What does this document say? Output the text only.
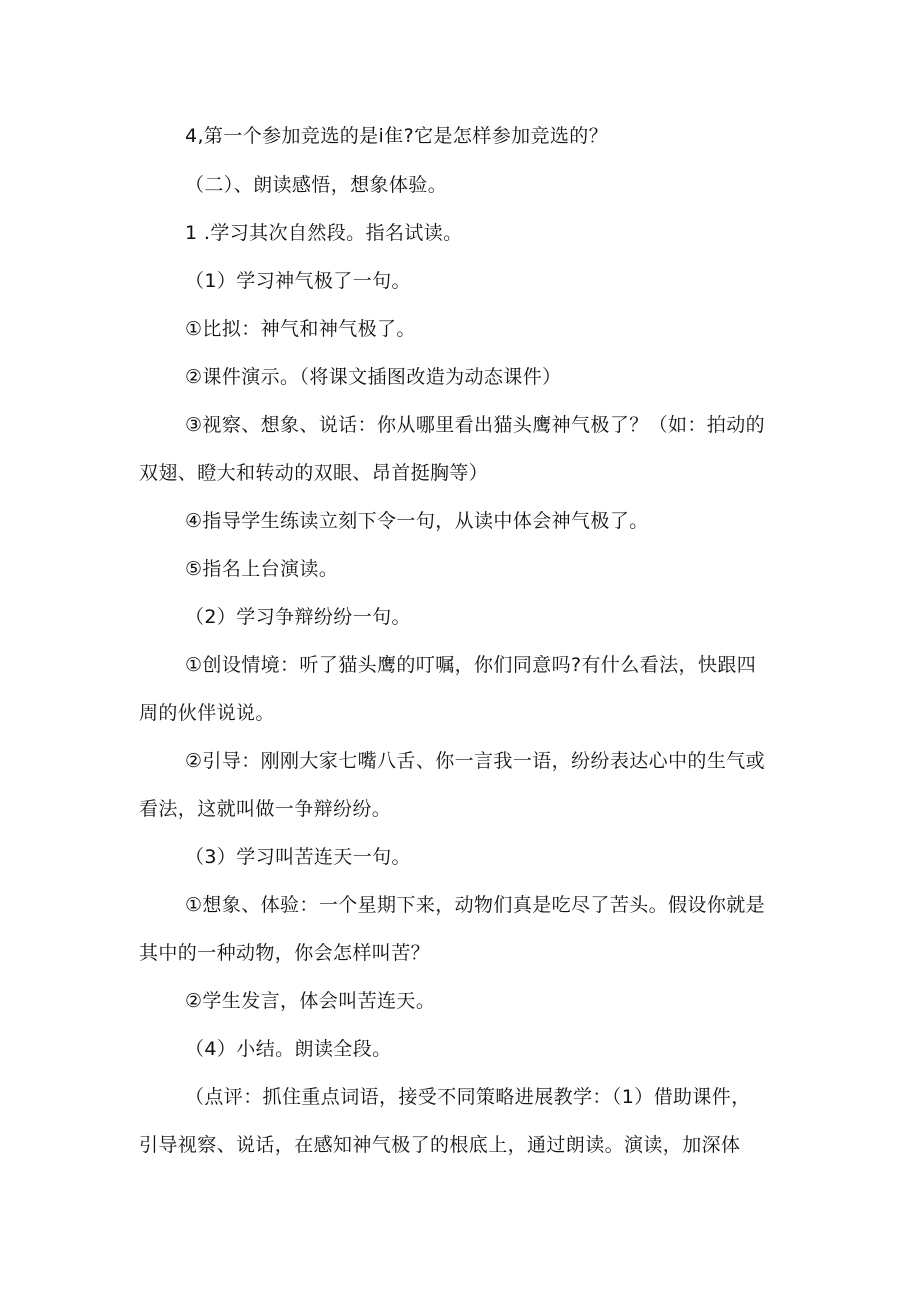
4,第一个参加竞选的是i隹?它是怎样参加竞选的？
（二）、朗读感悟，想象体验。
1 .学习其次自然段。指名试读。
（1）学习神气极了一句。
①比拟：神气和神气极了。
②课件演示。（将课文插图改造为动态课件）
③视察、想象、说话：你从哪里看出猫头鹰神气极了？（如：拍动的
双翅、瞪大和转动的双眼、昂首挺胸等）
④指导学生练读立刻下令一句，从读中体会神气极了。
⑤指名上台演读。
（2）学习争辩纷纷一句。
①创设情境：听了猫头鹰的叮嘱，你们同意吗?有什么看法，快跟四
周的伙伴说说。
②引导：刚刚大家七嘴八舌、你一言我一语，纷纷表达心中的生气或
看法，这就叫做一争辩纷纷。
（3）学习叫苦连天一句。
①想象、体验：一个星期下来，动物们真是吃尽了苦头。假设你就是
其中的一种动物，你会怎样叫苦？
②学生发言，体会叫苦连天。
（4）小结。朗读全段。
（点评：抓住重点词语，接受不同策略进展教学：（1）借助课件，
引导视察、说话，在感知神气极了的根底上，通过朗读。演读，加深体
